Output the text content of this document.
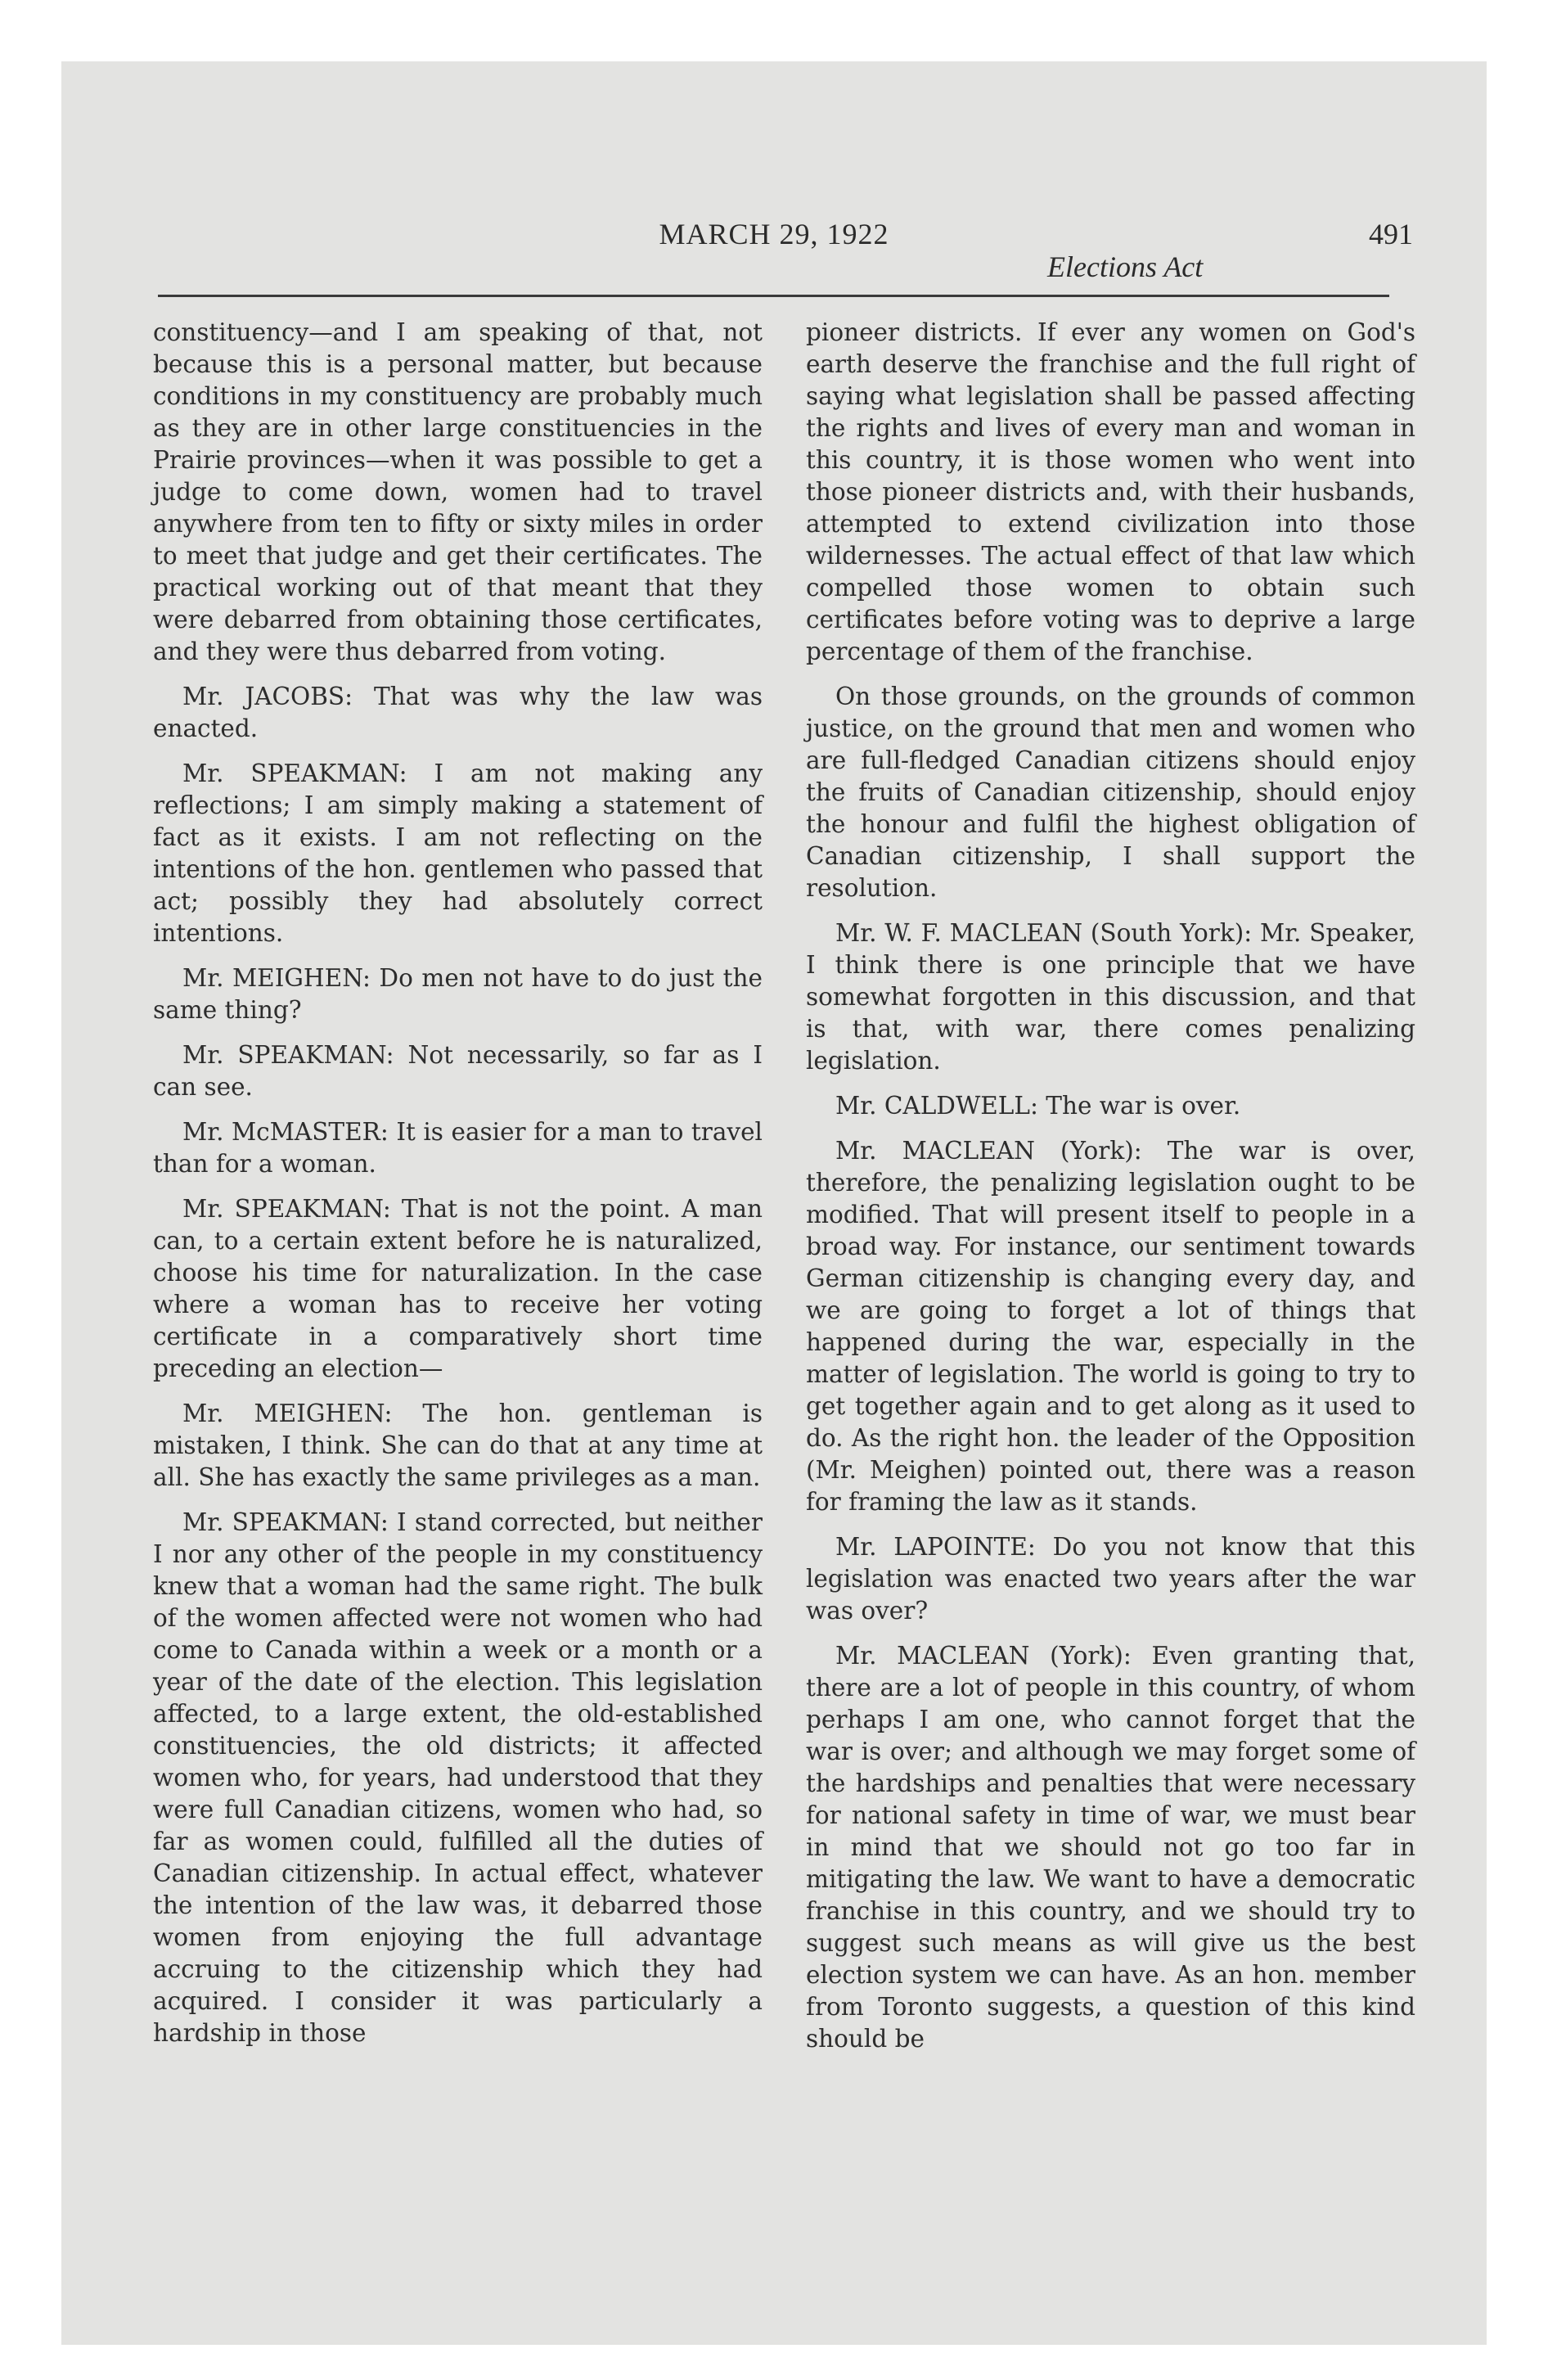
MARCH 29, 1922	491
Elections Act

constituency—and I am speaking of that, not because this is a personal matter, but because conditions in my constituency are probably much as they are in other large constituencies in the Prairie provinces—when it was possible to get a judge to come down, women had to travel anywhere from ten to fifty or sixty miles in order to meet that judge and get their certificates. The practical working out of that meant that they were debarred from obtaining those certificates, and they were thus debarred from voting.

Mr. JACOBS: That was why the law was enacted.

Mr. SPEAKMAN: I am not making any reflections; I am simply making a statement of fact as it exists. I am not reflecting on the intentions of the hon. gentlemen who passed that act; possibly they had absolutely correct intentions.

Mr. MEIGHEN: Do men not have to do just the same thing?

Mr. SPEAKMAN: Not necessarily, so far as I can see.

Mr. McMASTER: It is easier for a man to travel than for a woman.

Mr. SPEAKMAN: That is not the point. A man can, to a certain extent before he is naturalized, choose his time for naturalization. In the case where a woman has to receive her voting certificate in a comparatively short time preceding an election—

Mr. MEIGHEN: The hon. gentleman is mistaken, I think. She can do that at any time at all. She has exactly the same privileges as a man.

Mr. SPEAKMAN: I stand corrected, but neither I nor any other of the people in my constituency knew that a woman had the same right. The bulk of the women affected were not women who had come to Canada within a week or a month or a year of the date of the election. This legislation affected, to a large extent, the old-established constituencies, the old districts; it affected women who, for years, had understood that they were full Canadian citizens, women who had, so far as women could, fulfilled all the duties of Canadian citizenship. In actual effect, whatever the intention of the law was, it debarred those women from enjoying the full advantage accruing to the citizenship which they had acquired. I consider it was particularly a hardship in those

pioneer districts. If ever any women on God's earth deserve the franchise and the full right of saying what legislation shall be passed affecting the rights and lives of every man and woman in this country, it is those women who went into those pioneer districts and, with their husbands, attempted to extend civilization into those wildernesses. The actual effect of that law which compelled those women to obtain such certificates before voting was to deprive a large percentage of them of the franchise.

On those grounds, on the grounds of common justice, on the ground that men and women who are full-fledged Canadian citizens should enjoy the fruits of Canadian citizenship, should enjoy the honour and fulfil the highest obligation of Canadian citizenship, I shall support the resolution.

Mr. W. F. MACLEAN (South York): Mr. Speaker, I think there is one principle that we have somewhat forgotten in this discussion, and that is that, with war, there comes penalizing legislation.

Mr. CALDWELL: The war is over.

Mr. MACLEAN (York): The war is over, therefore, the penalizing legislation ought to be modified. That will present itself to people in a broad way. For instance, our sentiment towards German citizenship is changing every day, and we are going to forget a lot of things that happened during the war, especially in the matter of legislation. The world is going to try to get together again and to get along as it used to do. As the right hon. the leader of the Opposition (Mr. Meighen) pointed out, there was a reason for framing the law as it stands.

Mr. LAPOINTE: Do you not know that this legislation was enacted two years after the war was over?

Mr. MACLEAN (York): Even granting that, there are a lot of people in this country, of whom perhaps I am one, who cannot forget that the war is over; and although we may forget some of the hardships and penalties that were necessary for national safety in time of war, we must bear in mind that we should not go too far in mitigating the law. We want to have a democratic franchise in this country, and we should try to suggest such means as will give us the best election system we can have. As an hon. member from Toronto suggests, a question of this kind should be
